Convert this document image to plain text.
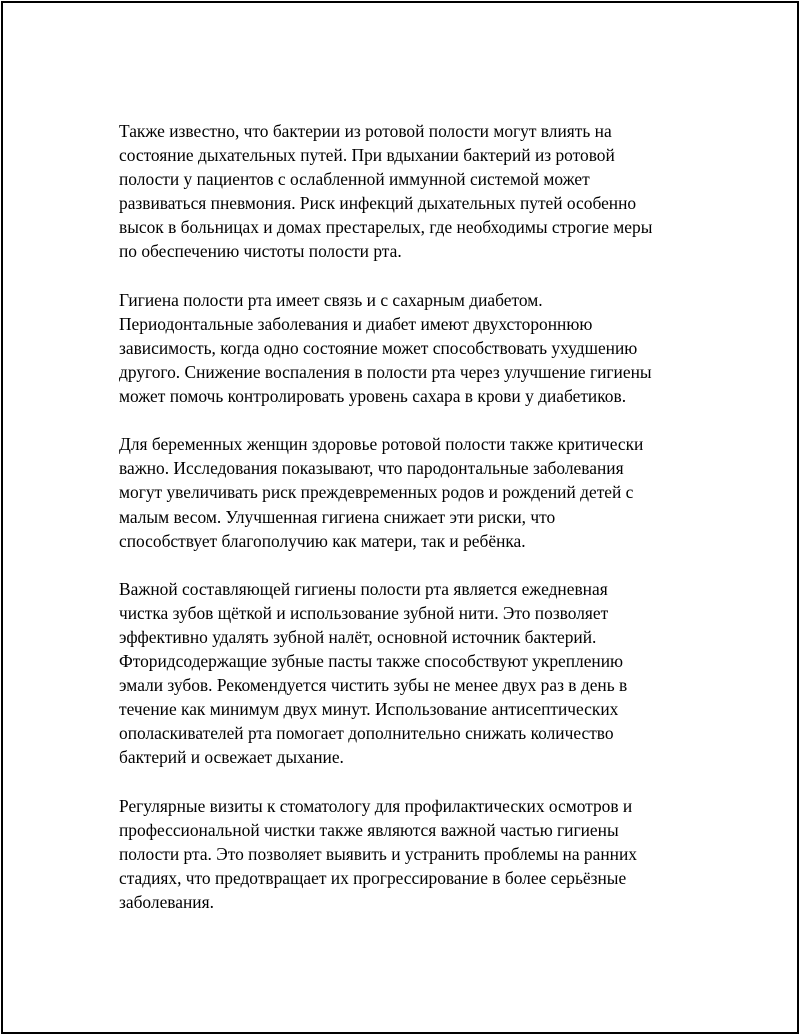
Также известно, что бактерии из ротовой полости могут влиять на
состояние дыхательных путей. При вдыхании бактерий из ротовой
полости у пациентов с ослабленной иммунной системой может
развиваться пневмония. Риск инфекций дыхательных путей особенно
высок в больницах и домах престарелых, где необходимы строгие меры
по обеспечению чистоты полости рта.

Гигиена полости рта имеет связь и с сахарным диабетом.
Периодонтальные заболевания и диабет имеют двухстороннюю
зависимость, когда одно состояние может способствовать ухудшению
другого. Снижение воспаления в полости рта через улучшение гигиены
может помочь контролировать уровень сахара в крови у диабетиков.

Для беременных женщин здоровье ротовой полости также критически
важно. Исследования показывают, что пародонтальные заболевания
могут увеличивать риск преждевременных родов и рождений детей с
малым весом. Улучшенная гигиена снижает эти риски, что
способствует благополучию как матери, так и ребёнка.

Важной составляющей гигиены полости рта является ежедневная
чистка зубов щёткой и использование зубной нити. Это позволяет
эффективно удалять зубной налёт, основной источник бактерий.
Фторидсодержащие зубные пасты также способствуют укреплению
эмали зубов. Рекомендуется чистить зубы не менее двух раз в день в
течение как минимум двух минут. Использование антисептических
ополаскивателей рта помогает дополнительно снижать количество
бактерий и освежает дыхание.

Регулярные визиты к стоматологу для профилактических осмотров и
профессиональной чистки также являются важной частью гигиены
полости рта. Это позволяет выявить и устранить проблемы на ранних
стадиях, что предотвращает их прогрессирование в более серьёзные
заболевания.
